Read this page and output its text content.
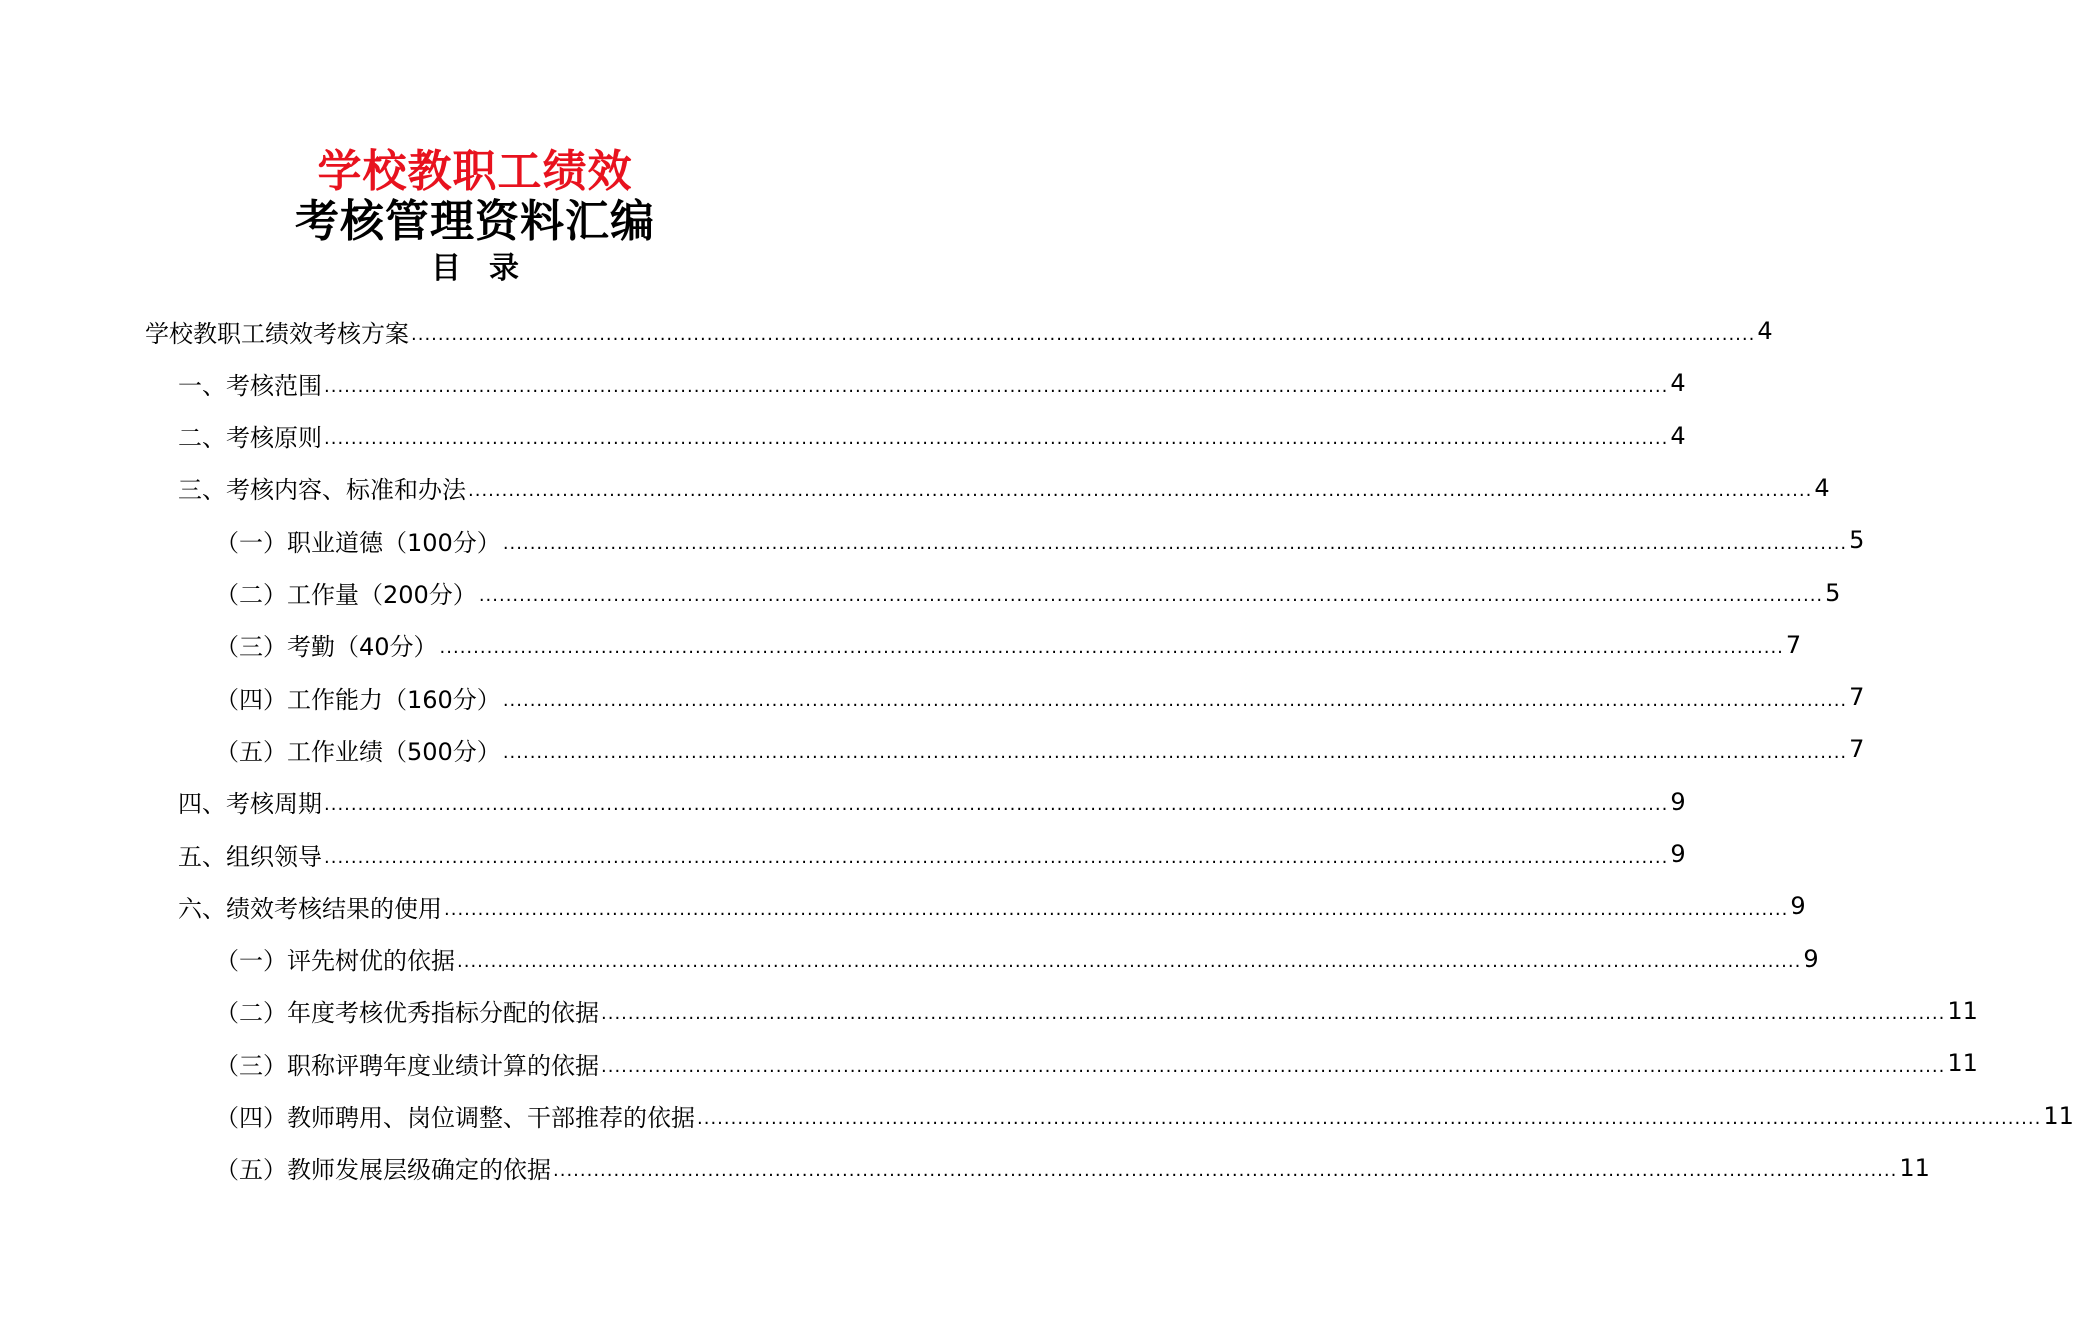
学校教职工绩效
考核管理资料汇编
目 录
学校教职工绩效考核方案 ........................................................................................................................................................................................................ 4
一、考核范围 ........................................................................................................................................................................................................ 4
二、考核原则 ........................................................................................................................................................................................................ 4
三、考核内容、标准和办法 ........................................................................................................................................................................................................ 4
（一）职业道德（100分） ........................................................................................................................................................................................................ 5
（二）工作量（200分） ........................................................................................................................................................................................................ 5
（三）考勤（40分） ........................................................................................................................................................................................................ 7
（四）工作能力（160分） ........................................................................................................................................................................................................ 7
（五）工作业绩（500分） ........................................................................................................................................................................................................ 7
四、考核周期 ........................................................................................................................................................................................................ 9
五、组织领导 ........................................................................................................................................................................................................ 9
六、绩效考核结果的使用 ........................................................................................................................................................................................................ 9
（一）评先树优的依据 ........................................................................................................................................................................................................ 9
（二）年度考核优秀指标分配的依据 ........................................................................................................................................................................................................ 11
（三）职称评聘年度业绩计算的依据 ........................................................................................................................................................................................................ 11
（四）教师聘用、岗位调整、干部推荐的依据 ........................................................................................................................................................................................................ 11
（五）教师发展层级确定的依据 ........................................................................................................................................................................................................ 11
